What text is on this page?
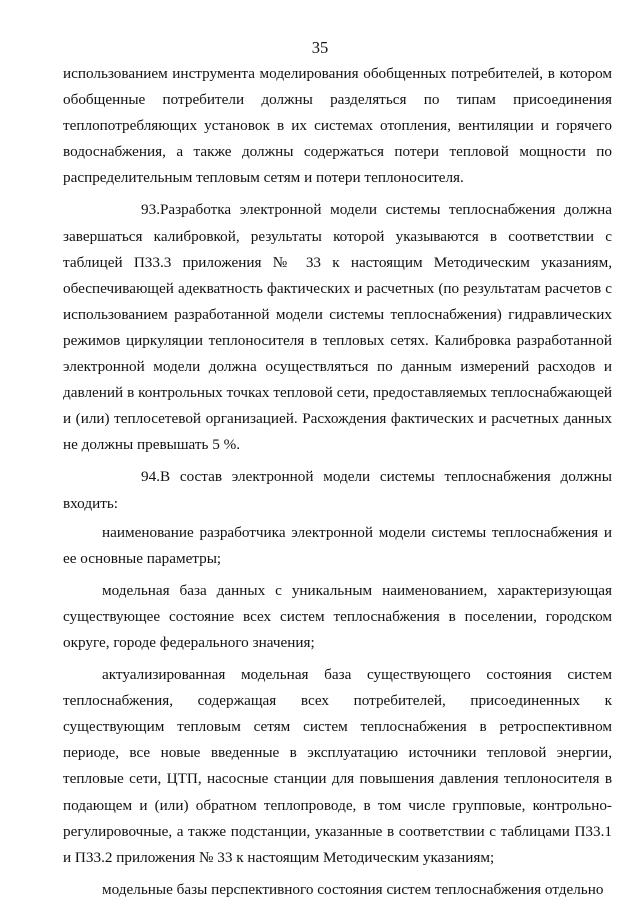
35

использованием инструмента моделирования обобщенных потребителей, в котором обобщенные потребители должны разделяться по типам присоединения теплопотребляющих установок в их системах отопления, вентиляции и горячего водоснабжения, а также должны содержаться потери тепловой мощности по распределительным тепловым сетям и потери теплоносителя.

93.Разработка электронной модели системы теплоснабжения должна завершаться калибровкой, результаты которой указываются в соответствии с таблицей П33.3 приложения № 33 к настоящим Методическим указаниям, обеспечивающей адекватность фактических и расчетных (по результатам расчетов с использованием разработанной модели системы теплоснабжения) гидравлических режимов циркуляции теплоносителя в тепловых сетях. Калибровка разработанной электронной модели должна осуществляться по данным измерений расходов и давлений в контрольных точках тепловой сети, предоставляемых теплоснабжающей и (или) теплосетевой организацией. Расхождения фактических и расчетных данных не должны превышать 5 %.

94.В состав электронной модели системы теплоснабжения должны входить:

наименование разработчика электронной модели системы теплоснабжения и ее основные параметры;

модельная база данных с уникальным наименованием, характеризующая существующее состояние всех систем теплоснабжения в поселении, городском округе, городе федерального значения;

актуализированная модельная база существующего состояния систем теплоснабжения, содержащая всех потребителей, присоединенных к существующим тепловым сетям систем теплоснабжения в ретроспективном периоде, все новые введенные в эксплуатацию источники тепловой энергии, тепловые сети, ЦТП, насосные станции для повышения давления теплоносителя в подающем и (или) обратном теплопроводе, в том числе групповые, контрольно-регулировочные, а также подстанции, указанные в соответствии с таблицами П33.1 и П33.2 приложения № 33 к настоящим Методическим указаниям;

модельные базы перспективного состояния систем теплоснабжения отдельно
